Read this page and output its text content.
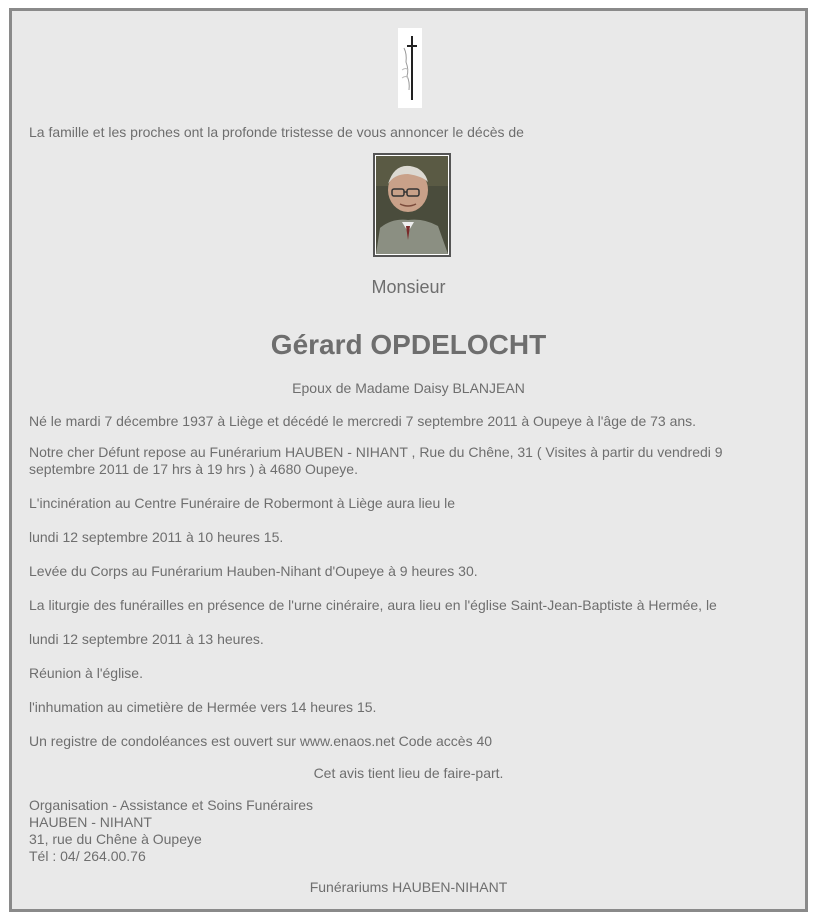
La famille et les proches ont la profonde tristesse de vous annoncer le décès de

Monsieur

Gérard OPDELOCHT

Epoux de Madame Daisy BLANJEAN

Né le mardi 7 décembre 1937 à Liège et décédé le mercredi 7 septembre 2011 à Oupeye à l'âge de 73 ans.

Notre cher Défunt repose au Funérarium HAUBEN - NIHANT , Rue du Chêne, 31 ( Visites à partir du vendredi 9

septembre 2011 de 17 hrs à 19 hrs ) à 4680 Oupeye.

L'incinération au Centre Funéraire de Robermont à Liège aura lieu le

lundi 12 septembre 2011 à 10 heures 15.

Levée du Corps au Funérarium Hauben-Nihant d'Oupeye à 9 heures 30.

La liturgie des funérailles en présence de l'urne cinéraire, aura lieu en l'église Saint-Jean-Baptiste à Hermée, le

lundi 12 septembre 2011 à 13 heures.

Réunion à l'église.

l'inhumation au cimetière de Hermée vers 14 heures 15.

Un registre de condoléances est ouvert sur www.enaos.net Code accès 40

Cet avis tient lieu de faire-part.

Organisation - Assistance et Soins Funéraires

HAUBEN - NIHANT

31, rue du Chêne à Oupeye

Tél : 04/ 264.00.76

Funérariums HAUBEN-NIHANT
